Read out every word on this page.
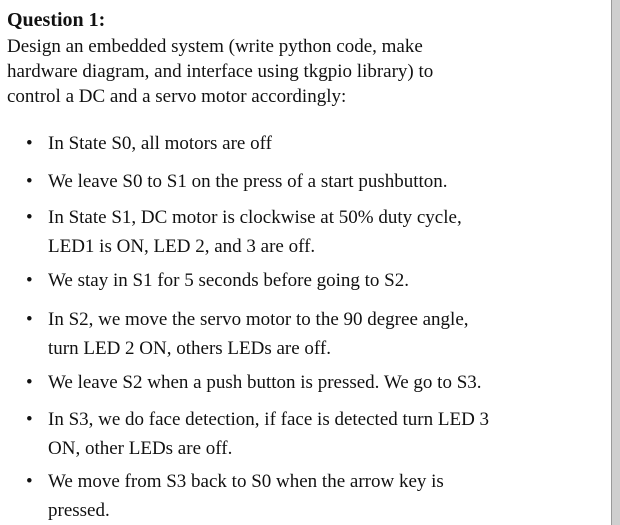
Question 1:
Design an embedded system (write python code, make
hardware diagram, and interface using tkgpio library) to
control a DC and a servo motor accordingly:
• In State S0, all motors are off
• We leave S0 to S1 on the press of a start pushbutton.
• In State S1, DC motor is clockwise at 50% duty cycle,
LED1 is ON, LED 2, and 3 are off.
• We stay in S1 for 5 seconds before going to S2.
• In S2, we move the servo motor to the 90 degree angle,
turn LED 2 ON, others LEDs are off.
• We leave S2 when a push button is pressed. We go to S3.
• In S3, we do face detection, if face is detected turn LED 3
ON, other LEDs are off.
• We move from S3 back to S0 when the arrow key is
pressed.
